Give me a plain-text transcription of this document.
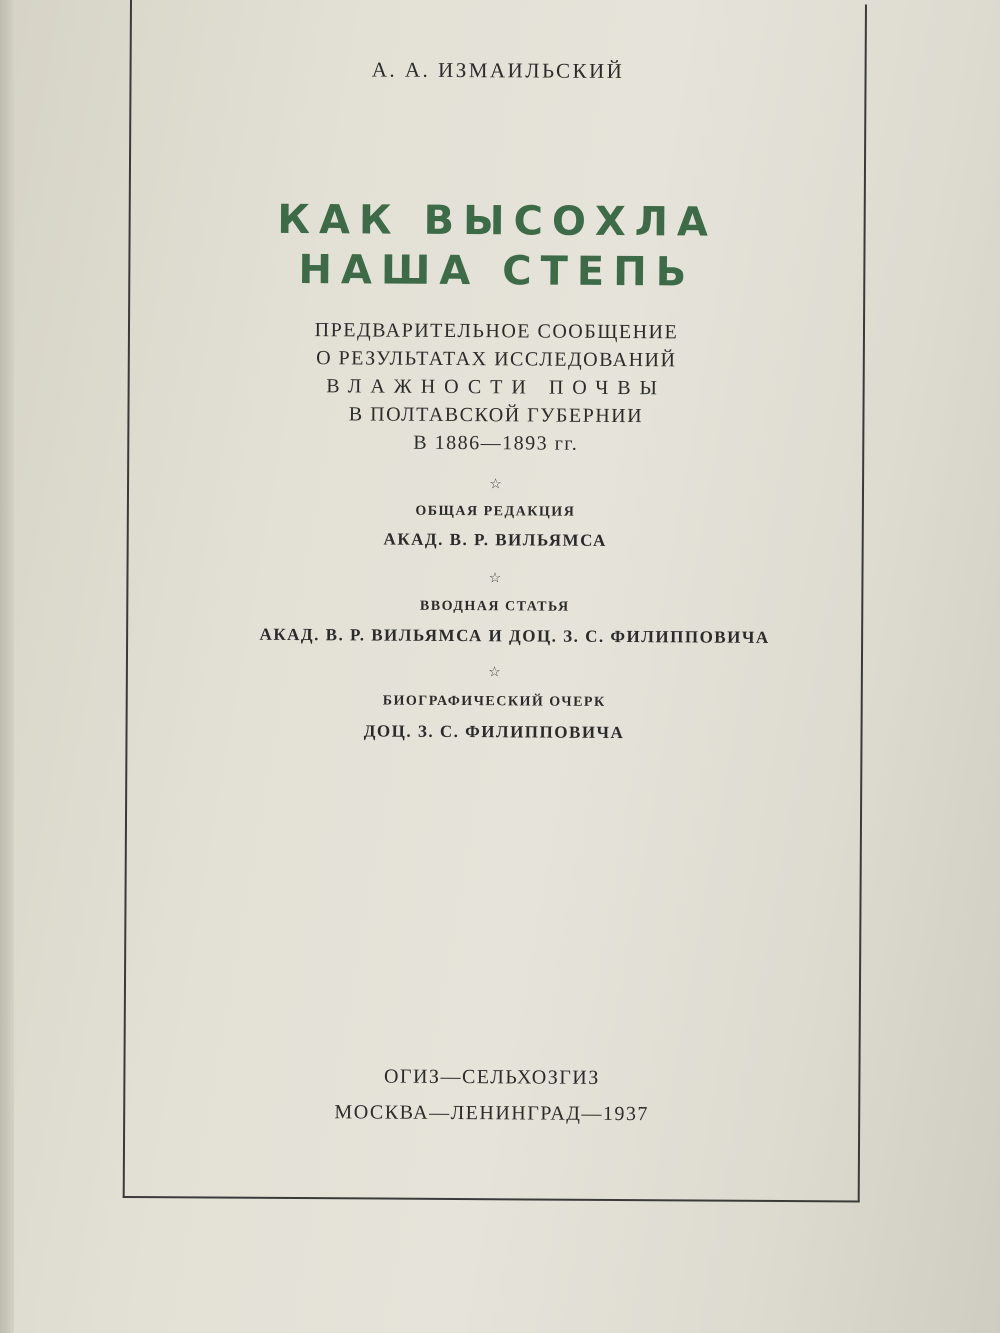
А. А. ИЗМАИЛЬСКИЙ
КАК ВЫСОХЛА
НАША СТЕПЬ
ПРЕДВАРИТЕЛЬНОЕ СООБЩЕНИЕ
О РЕЗУЛЬТАТАХ ИССЛЕДОВАНИЙ
ВЛАЖНОСТИ ПОЧВЫ
В ПОЛТАВСКОЙ ГУБЕРНИИ
В 1886—1893 гг.
☆
ОБЩАЯ РЕДАКЦИЯ
АКАД. В. Р. ВИЛЬЯМСА
☆
ВВОДНАЯ СТАТЬЯ
АКАД. В. Р. ВИЛЬЯМСА И ДОЦ. З. С. ФИЛИППОВИЧА
☆
БИОГРАФИЧЕСКИЙ ОЧЕРК
ДОЦ. З. С. ФИЛИППОВИЧА
ОГИЗ—СЕЛЬХОЗГИЗ
МОСКВА—ЛЕНИНГРАД—1937
